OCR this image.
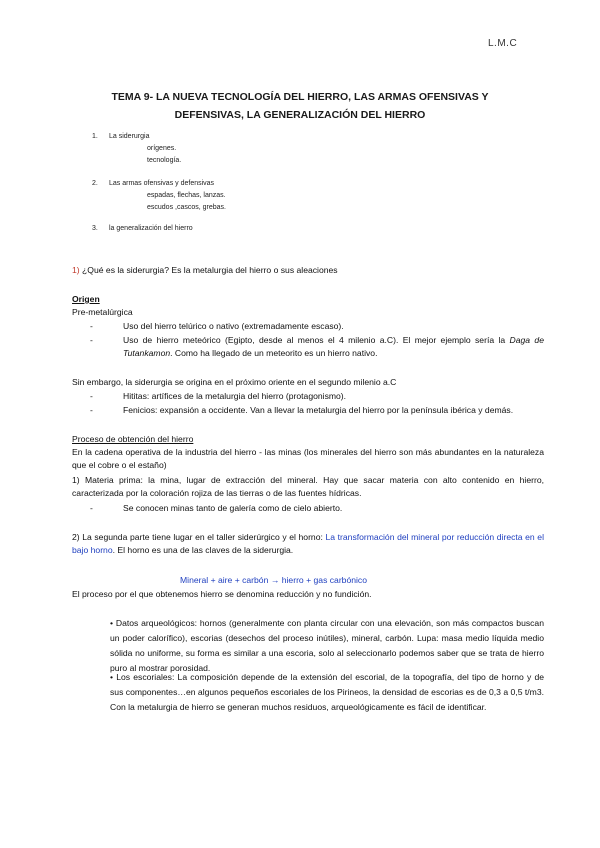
L.M.C
TEMA 9- LA NUEVA TECNOLOGÍA DEL HIERRO, LAS ARMAS OFENSIVAS Y
DEFENSIVAS, LA GENERALIZACIÓN DEL HIERRO
1.	La siderurgia
orígenes.
tecnología.
2.	Las armas ofensivas y defensivas
espadas, flechas, lanzas.
escudos ,cascos, grebas.
3.	la generalización del hierro
1) ¿Qué es la siderurgia? Es la metalurgia del hierro o sus aleaciones
Origen
Pre-metalúrgica
-	Uso del hierro telúrico o nativo (extremadamente escaso).
-	Uso de hierro meteórico (Egipto, desde al menos el 4 milenio a.C). El mejor ejemplo sería la Daga de Tutankamon. Como ha llegado de un meteorito es un hierro nativo.
Sin embargo, la siderurgia se origina en el próximo oriente en el segundo milenio a.C
-	Hititas: artífices de la metalurgia del hierro (protagonismo).
-	Fenicios: expansión a occidente. Van a llevar la metalurgia del hierro por la península ibérica y demás.
Proceso de obtención del hierro
En la cadena operativa de la industria del hierro - las minas (los minerales del hierro son más abundantes en la naturaleza que el cobre o el estaño)
1) Materia prima: la mina, lugar de extracción del mineral. Hay que sacar materia con alto contenido en hierro, caracterizada por la coloración rojiza de las tierras o de las fuentes hídricas.
-	Se conocen minas tanto de galería como de cielo abierto.
2) La segunda parte tiene lugar en el taller siderúrgico y el horno: La transformación del mineral por reducción directa en el bajo horno. El horno es una de las claves de la siderurgia.
Mineral + aire + carbón → hierro + gas carbónico
El proceso por el que obtenemos hierro se denomina reducción y no fundición.
• Datos arqueológicos: hornos (generalmente con planta circular con una elevación, son más compactos buscan un poder calorífico), escorias (desechos del proceso inútiles), mineral, carbón. Lupa: masa medio líquida medio sólida no uniforme, su forma es similar a una escoria, solo al seleccionarlo podemos saber que se trata de hierro puro al mostrar porosidad.
• Los escoriales: La composición depende de la extensión del escorial, de la topografía, del tipo de horno y de sus componentes…en algunos pequeños escoriales de los Pirineos, la densidad de escorias es de 0,3 a 0,5 t/m3. Con la metalurgia de hierro se generan muchos residuos, arqueológicamente es fácil de identificar.
